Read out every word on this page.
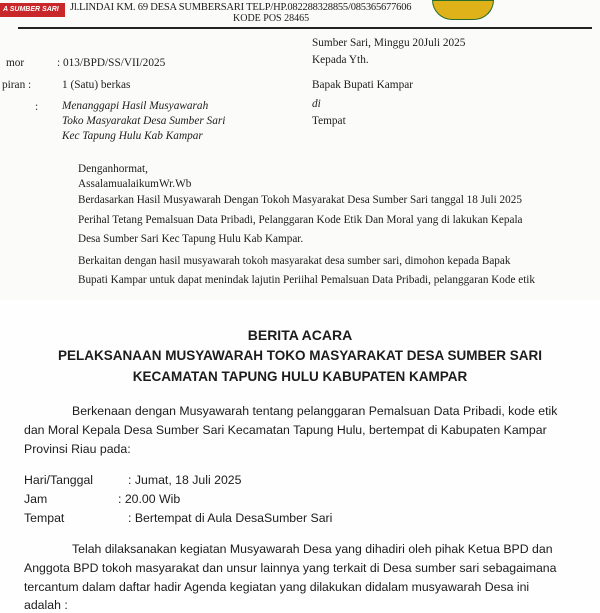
A SUMBER SARI	Jl.LINDAI KM. 69 DESA SUMBERSARI TELP/HP.082288328855/085365677606
KODE POS 28465
mor	: 013/BPD/SS/VII/2025
piran :	1 (Satu) berkas
: Menanggapi Hasil Musyawarah
Toko Masyarakat Desa Sumber Sari
Kec Tapung Hulu Kab Kampar
Sumber Sari, Minggu 20Juli 2025
Kepada Yth.
Bapak Bupati Kampar
di
Tempat
Denganhormat,
AssalamualaikumWr.Wb
Berdasarkan Hasil Musyawarah Dengan Tokoh Masyarakat Desa Sumber Sari tanggal 18 Juli 2025
Perihal Tetang Pemalsuan Data Pribadi, Pelanggaran Kode Etik Dan Moral yang di lakukan Kepala
Desa Sumber Sari Kec Tapung Hulu Kab Kampar.
Berkaitan dengan hasil musyawarah tokoh masyarakat desa sumber sari, dimohon kepada Bapak
Bupati Kampar untuk dapat menindak lajutin Periihal Pemalsuan Data Pribadi, pelanggaran Kode etik
BERITA ACARA
PELAKSANAAN MUSYAWARAH TOKO MASYARAKAT DESA SUMBER SARI
KECAMATAN TAPUNG HULU KABUPATEN KAMPAR
Berkenaan dengan Musyawarah tentang pelanggaran Pemalsuan Data Pribadi, kode etik
dan Moral Kepala Desa Sumber Sari Kecamatan Tapung Hulu, bertempat di Kabupaten Kampar
Provinsi Riau pada:
Hari/Tanggal	: Jumat, 18 Juli 2025
Jam	: 20.00 Wib
Tempat	: Bertempat di Aula DesaSumber Sari
Telah dilaksanakan kegiatan Musyawarah Desa yang dihadiri oleh pihak Ketua BPD dan
Anggota BPD tokoh masyarakat dan unsur lainnya yang terkait di Desa sumber sari sebagaimana
tercantum dalam daftar hadir Agenda kegiatan yang dilakukan didalam musyawarah Desa ini
adalah :
